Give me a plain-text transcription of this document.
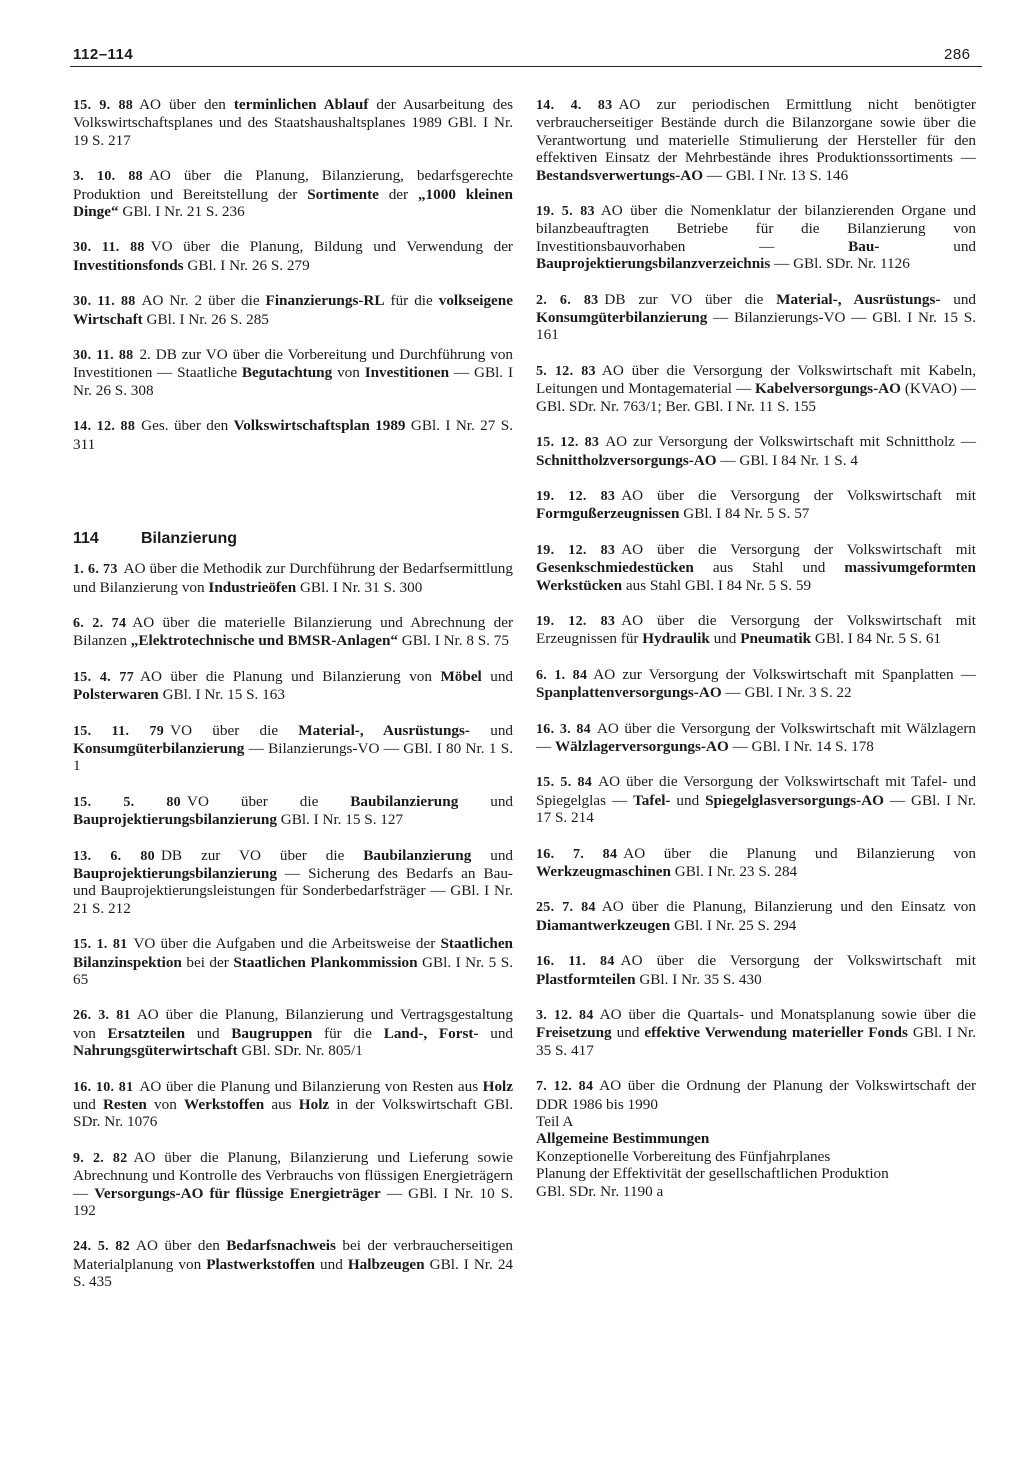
112–114	286
15. 9. 88 AO über den terminlichen Ablauf der Ausarbeitung des Volkswirtschaftsplanes und des Staatshaushaltsplanes 1989 GBl. I Nr. 19 S. 217
3. 10. 88 AO über die Planung, Bilanzierung, bedarfsgerechte Produktion und Bereitstellung der Sortimente der „1000 kleinen Dinge“ GBl. I Nr. 21 S. 236
30. 11. 88 VO über die Planung, Bildung und Verwendung der Investitionsfonds GBl. I Nr. 26 S. 279
30. 11. 88 AO Nr. 2 über die Finanzierungs-RL für die volkseigene Wirtschaft GBl. I Nr. 26 S. 285
30. 11. 88 2. DB zur VO über die Vorbereitung und Durchführung von Investitionen — Staatliche Begutachtung von Investitionen — GBl. I Nr. 26 S. 308
14. 12. 88 Ges. über den Volkswirtschaftsplan 1989 GBl. I Nr. 27 S. 311
114	Bilanzierung
1. 6. 73 AO über die Methodik zur Durchführung der Bedarfsermittlung und Bilanzierung von Industrieöfen GBl. I Nr. 31 S. 300
6. 2. 74 AO über die materielle Bilanzierung und Abrechnung der Bilanzen „Elektrotechnische und BMSR-Anlagen“ GBl. I Nr. 8 S. 75
15. 4. 77 AO über die Planung und Bilanzierung von Möbel und Polsterwaren GBl. I Nr. 15 S. 163
15. 11. 79 VO über die Material-, Ausrüstungs- und Konsumgüterbilanzierung — Bilanzierungs-VO — GBl. I 80 Nr. 1 S. 1
15. 5. 80 VO über die Baubilanzierung und Bauprojektierungsbilanzierung GBl. I Nr. 15 S. 127
13. 6. 80 DB zur VO über die Baubilanzierung und Bauprojektierungsbilanzierung — Sicherung des Bedarfs an Bau- und Bauprojektierungsleistungen für Sonderbedarfsträger — GBl. I Nr. 21 S. 212
15. 1. 81 VO über die Aufgaben und die Arbeitsweise der Staatlichen Bilanzinspektion bei der Staatlichen Plankommission GBl. I Nr. 5 S. 65
26. 3. 81 AO über die Planung, Bilanzierung und Vertragsgestaltung von Ersatzteilen und Baugruppen für die Land-, Forst- und Nahrungsgüterwirtschaft GBl. SDr. Nr. 805/1
16. 10. 81 AO über die Planung und Bilanzierung von Resten aus Holz und Resten von Werkstoffen aus Holz in der Volkswirtschaft GBl. SDr. Nr. 1076
9. 2. 82 AO über die Planung, Bilanzierung und Lieferung sowie Abrechnung und Kontrolle des Verbrauchs von flüssigen Energieträgern — Versorgungs-AO für flüssige Energieträger — GBl. I Nr. 10 S. 192
24. 5. 82 AO über den Bedarfsnachweis bei der verbraucherseitigen Materialplanung von Plastwerkstoffen und Halbzeugen GBl. I Nr. 24 S. 435
14. 4. 83 AO zur periodischen Ermittlung nicht benötigter verbraucherseitiger Bestände durch die Bilanzorgane sowie über die Verantwortung und materielle Stimulierung der Hersteller für den effektiven Einsatz der Mehrbestände ihres Produktionssortiments — Bestandsverwertungs-AO — GBl. I Nr. 13 S. 146
19. 5. 83 AO über die Nomenklatur der bilanzierenden Organe und bilanzbeauftragten Betriebe für die Bilanzierung von Investitionsbauvorhaben — Bau- und Bauprojektierungsbilanzverzeichnis — GBl. SDr. Nr. 1126
2. 6. 83 DB zur VO über die Material-, Ausrüstungs- und Konsumgüterbilanzierung — Bilanzierungs-VO — GBl. I Nr. 15 S. 161
5. 12. 83 AO über die Versorgung der Volkswirtschaft mit Kabeln, Leitungen und Montagematerial — Kabelversorgungs-AO (KVAO) — GBl. SDr. Nr. 763/1; Ber. GBl. I Nr. 11 S. 155
15. 12. 83 AO zur Versorgung der Volkswirtschaft mit Schnittholz — Schnittholzversorgungs-AO — GBl. I 84 Nr. 1 S. 4
19. 12. 83 AO über die Versorgung der Volkswirtschaft mit Formgußerzeugnissen GBl. I 84 Nr. 5 S. 57
19. 12. 83 AO über die Versorgung der Volkswirtschaft mit Gesenkschmiedestücken aus Stahl und massivumgeformten Werkstücken aus Stahl GBl. I 84 Nr. 5 S. 59
19. 12. 83 AO über die Versorgung der Volkswirtschaft mit Erzeugnissen für Hydraulik und Pneumatik GBl. I 84 Nr. 5 S. 61
6. 1. 84 AO zur Versorgung der Volkswirtschaft mit Spanplatten — Spanplattenversorgungs-AO — GBl. I Nr. 3 S. 22
16. 3. 84 AO über die Versorgung der Volkswirtschaft mit Wälzlagern — Wälzlagerversorgungs-AO — GBl. I Nr. 14 S. 178
15. 5. 84 AO über die Versorgung der Volkswirtschaft mit Tafel- und Spiegelglas — Tafel- und Spiegelglasversorgungs-AO — GBl. I Nr. 17 S. 214
16. 7. 84 AO über die Planung und Bilanzierung von Werkzeugmaschinen GBl. I Nr. 23 S. 284
25. 7. 84 AO über die Planung, Bilanzierung und den Einsatz von Diamantwerkzeugen GBl. I Nr. 25 S. 294
16. 11. 84 AO über die Versorgung der Volkswirtschaft mit Plastformteilen GBl. I Nr. 35 S. 430
3. 12. 84 AO über die Quartals- und Monatsplanung sowie über die Freisetzung und effektive Verwendung materieller Fonds GBl. I Nr. 35 S. 417
7. 12. 84 AO über die Ordnung der Planung der Volkswirtschaft der DDR 1986 bis 1990
Teil A
Allgemeine Bestimmungen
Konzeptionelle Vorbereitung des Fünfjahrplanes
Planung der Effektivität der gesellschaftlichen Produktion
GBl. SDr. Nr. 1190 a
